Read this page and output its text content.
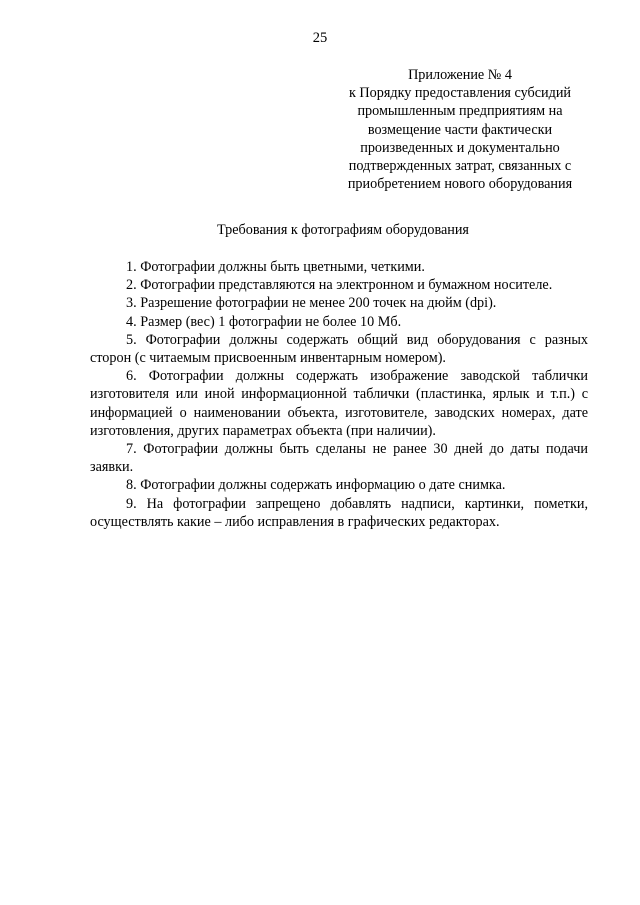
25
Приложение № 4
к Порядку предоставления субсидий
промышленным предприятиям на
возмещение части фактически
произведенных и документально
подтвержденных затрат, связанных с
приобретением нового оборудования
Требования к фотографиям оборудования

1. Фотографии должны быть цветными, четкими.

2. Фотографии представляются на электронном и бумажном носителе.

3. Разрешение фотографии не менее 200 точек на дюйм (dpi).

4. Размер (вес) 1 фотографии не более 10 Мб.

5. Фотографии должны содержать общий вид оборудования с разных сторон (с читаемым присвоенным инвентарным номером).

6. Фотографии должны содержать изображение заводской таблички изготовителя или иной информационной таблички (пластинка, ярлык и т.п.) с информацией о наименовании объекта, изготовителе, заводских номерах, дате изготовления, других параметрах объекта (при наличии).

7. Фотографии должны быть сделаны не ранее 30 дней до даты подачи заявки.

8. Фотографии должны содержать информацию о дате снимка.

9. На фотографии запрещено добавлять надписи, картинки, пометки, осуществлять какие – либо исправления в графических редакторах.
